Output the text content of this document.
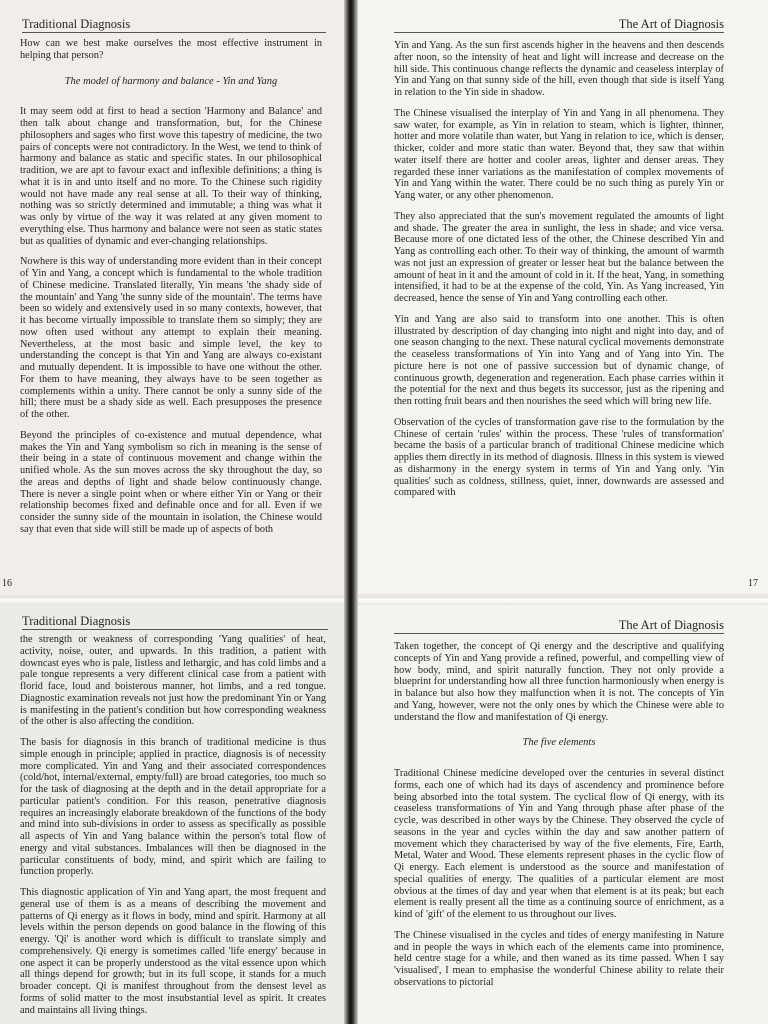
Traditional Diagnosis

How can we best make ourselves the most effective instrument in helping that person?

The model of harmony and balance - Yin and Yang

It may seem odd at first to head a section 'Harmony and Balance' and then talk about change and transformation, but, for the Chinese philosophers and sages who first wove this tapestry of medicine, the two pairs of concepts were not contradictory. In the West, we tend to think of harmony and balance as static and specific states. In our philosophical tradition, we are apt to favour exact and inflexible definitions; a thing is what it is in and unto itself and no more. To the Chinese such rigidity would not have made any real sense at all. To their way of thinking, nothing was so strictly determined and immutable; a thing was what it was only by virtue of the way it was related at any given moment to everything else. Thus harmony and balance were not seen as static states but as qualities of dynamic and ever-changing relationships.

Nowhere is this way of understanding more evident than in their concept of Yin and Yang, a concept which is fundamental to the whole tradition of Chinese medicine. Translated literally, Yin means 'the shady side of the mountain' and Yang 'the sunny side of the mountain'. The terms have been so widely and extensively used in so many contexts, however, that it has become virtually impossible to translate them so simply; they are now often used without any attempt to explain their meaning. Nevertheless, at the most basic and simple level, the key to understanding the concept is that Yin and Yang are always co-existant and mutually dependent. It is impossible to have one without the other. For them to have meaning, they always have to be seen together as complements within a unity. There cannot be only a sunny side of the hill; there must be a shady side as well. Each presupposes the presence of the other.

Beyond the principles of co-existence and mutual dependence, what makes the Yin and Yang symbolism so rich in meaning is the sense of their being in a state of continuous movement and change within the unified whole. As the sun moves across the sky throughout the day, so the areas and depths of light and shade below continuously change. There is never a single point when or where either Yin or Yang or their relationship becomes fixed and definable once and for all. Even if we consider the sunny side of the mountain in isolation, the Chinese would say that even that side will still be made up of aspects of both

16
The Art of Diagnosis

Yin and Yang. As the sun first ascends higher in the heavens and then descends after noon, so the intensity of heat and light will increase and decrease on the hill side. This continuous change reflects the dynamic and ceaseless interplay of Yin and Yang on that sunny side of the hill, even though that side is itself Yang in relation to the Yin side in shadow.

The Chinese visualised the interplay of Yin and Yang in all phenomena. They saw water, for example, as Yin in relation to steam, which is lighter, thinner, hotter and more volatile than water, but Yang in relation to ice, which is denser, thicker, colder and more static than water. Beyond that, they saw that within water itself there are hotter and cooler areas, lighter and denser areas. They regarded these inner variations as the manifestation of complex movements of Yin and Yang within the water. There could be no such thing as purely Yin or Yang water, or any other phenomenon.

They also appreciated that the sun's movement regulated the amounts of light and shade. The greater the area in sunlight, the less in shade; and vice versa. Because more of one dictated less of the other, the Chinese described Yin and Yang as controlling each other. To their way of thinking, the amount of warmth was not just an expression of greater or lesser heat but the balance between the amount of heat in it and the amount of cold in it. If the heat, Yang, in something intensified, it had to be at the expense of the cold, Yin. As Yang increased, Yin decreased, hence the sense of Yin and Yang controlling each other.

Yin and Yang are also said to transform into one another. This is often illustrated by description of day changing into night and night into day, and of one season changing to the next. These natural cyclical movements demonstrate the ceaseless transformations of Yin into Yang and of Yang into Yin. The picture here is not one of passive succession but of dynamic change, of continuous growth, degeneration and regeneration. Each phase carries within it the potential for the next and thus begets its successor, just as the ripening and then rotting fruit bears and then nourishes the seed which will bring new life.

Observation of the cycles of transformation gave rise to the formulation by the Chinese of certain 'rules' within the process. These 'rules of transformation' became the basis of a particular branch of traditional Chinese medicine which applies them directly in its method of diagnosis. Illness in this system is viewed as disharmony in the energy system in terms of Yin and Yang only. 'Yin qualities' such as coldness, stillness, quiet, inner, downwards are assessed and compared with

17
Traditional Diagnosis

the strength or weakness of corresponding 'Yang qualities' of heat, activity, noise, outer, and upwards. In this tradition, a patient with downcast eyes who is pale, listless and lethargic, and has cold limbs and a pale tongue represents a very different clinical case from a patient with florid face, loud and boisterous manner, hot limbs, and a red tongue. Diagnostic examination reveals not just how the predominant Yin or Yang is manifesting in the patient's condition but how corresponding weakness of the other is also affecting the condition.

The basis for diagnosis in this branch of traditional medicine is thus simple enough in principle; applied in practice, diagnosis is of necessity more complicated. Yin and Yang and their associated correspondences (cold/hot, internal/external, empty/full) are broad categories, too much so for the task of diagnosing at the depth and in the detail appropriate for a particular patient's condition. For this reason, penetrative diagnosis requires an increasingly elaborate breakdown of the functions of the body and mind into sub-divisions in order to assess as specifically as possible all aspects of Yin and Yang balance within the person's total flow of energy and vital substances. Imbalances will then be diagnosed in the particular constituents of body, mind, and spirit which are failing to function properly.

This diagnostic application of Yin and Yang apart, the most frequent and general use of them is as a means of describing the movement and patterns of Qi energy as it flows in body, mind and spirit. Harmony at all levels within the person depends on good balance in the flowing of this energy. 'Qi' is another word which is difficult to translate simply and comprehensively. Qi energy is sometimes called 'life energy' because in one aspect it can be properly understood as the vital essence upon which all things depend for growth; but in its full scope, it stands for a much broader concept. Qi is manifest throughout from the densest level as forms of solid matter to the most insubstantial level as spirit. It creates and maintains all living things.

The Art of Diagnosis

Taken together, the concept of Qi energy and the descriptive and qualifying concepts of Yin and Yang provide a refined, powerful, and compelling view of how body, mind, and spirit naturally function. They not only provide a blueprint for understanding how all three function harmoniously when energy is in balance but also how they malfunction when it is not. The concepts of Yin and Yang, however, were not the only ones by which the Chinese were able to understand the flow and manifestation of Qi energy.

The five elements

Traditional Chinese medicine developed over the centuries in several distinct forms, each one of which had its days of ascendency and prominence before being absorbed into the total system. The cyclical flow of Qi energy, with its ceaseless transformations of Yin and Yang through phase after phase of the cycle, was described in other ways by the Chinese. They observed the cycle of seasons in the year and cycles within the day and saw another pattern of movement which they characterised by way of the five elements, Fire, Earth, Metal, Water and Wood. These elements represent phases in the cyclic flow of Qi energy. Each element is understood as the source and manifestation of special qualities of energy. The qualities of a particular element are most obvious at the times of day and year when that element is at its peak; but each element is really present all the time as a continuing source of enrichment, as a kind of 'gift' of the element to us throughout our lives.

The Chinese visualised in the cycles and tides of energy manifesting in Nature and in people the ways in which each of the elements came into prominence, held centre stage for a while, and then waned as its time passed. When I say 'visualised', I mean to emphasise the wonderful Chinese ability to relate their observations to pictorial
